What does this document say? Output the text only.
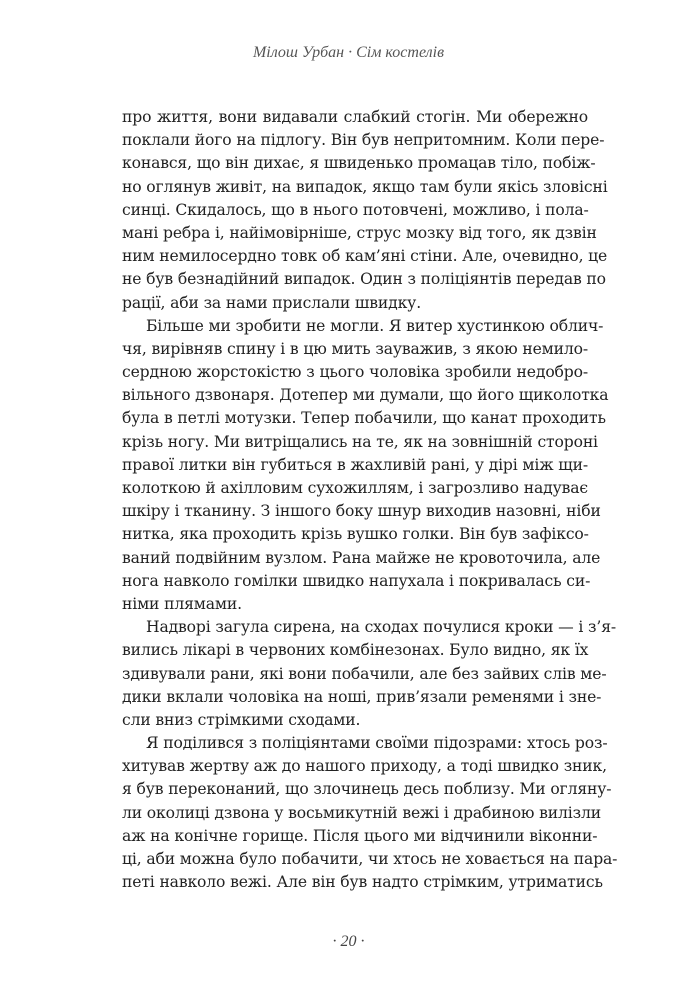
Мілош Урбан · Сім костелів
про життя, вони видавали слабкий стогін. Ми обережно
поклали його на підлогу. Він був непритомним. Коли пере-
конався, що він дихає, я швиденько промацав тіло, побіж-
но оглянув живіт, на випадок, якщо там були якісь зловісні
синці. Скидалось, що в нього потовчені, можливо, і пола-
мані ребра і, найімовірніше, струс мозку від того, як дзвін
ним немилосердно товк об кам’яні стіни. Але, очевидно, це
не був безнадійний випадок. Один з поліціянтів передав по
рації, аби за нами прислали швидку.
Більше ми зробити не могли. Я витер хустинкою облич-
чя, вирівняв спину і в цю мить зауважив, з якою немило-
сердною жорстокістю з цього чоловіка зробили недобро-
вільного дзвонаря. Дотепер ми думали, що його щиколотка
була в петлі мотузки. Тепер побачили, що канат проходить
крізь ногу. Ми витріщались на те, як на зовнішній стороні
правої литки він губиться в жахливій рані, у дірі між щи-
колоткою й ахілловим сухожиллям, і загрозливо надуває
шкіру і тканину. З іншого боку шнур виходив назовні, ніби
нитка, яка проходить крізь вушко голки. Він був зафіксо-
ваний подвійним вузлом. Рана майже не кровоточила, але
нога навколо гомілки швидко напухала і покривалась си-
німи плямами.
Надворі загула сирена, на сходах почулися кроки — і з’я-
вились лікарі в червоних комбінезонах. Було видно, як їх
здивували рани, які вони побачили, але без зайвих слів ме-
дики вклали чоловіка на ноші, прив’язали ременями і зне-
сли вниз стрімкими сходами.
Я поділився з поліціянтами своїми підозрами: хтось роз-
хитував жертву аж до нашого приходу, а тоді швидко зник,
я був переконаний, що злочинець десь поблизу. Ми огляну-
ли околиці дзвона у восьмикутній вежі і драбиною вилізли
аж на конічне горище. Після цього ми відчинили віконни-
ці, аби можна було побачити, чи хтось не ховається на пара-
петі навколо вежі. Але він був надто стрімким, утриматись
· 20 ·
